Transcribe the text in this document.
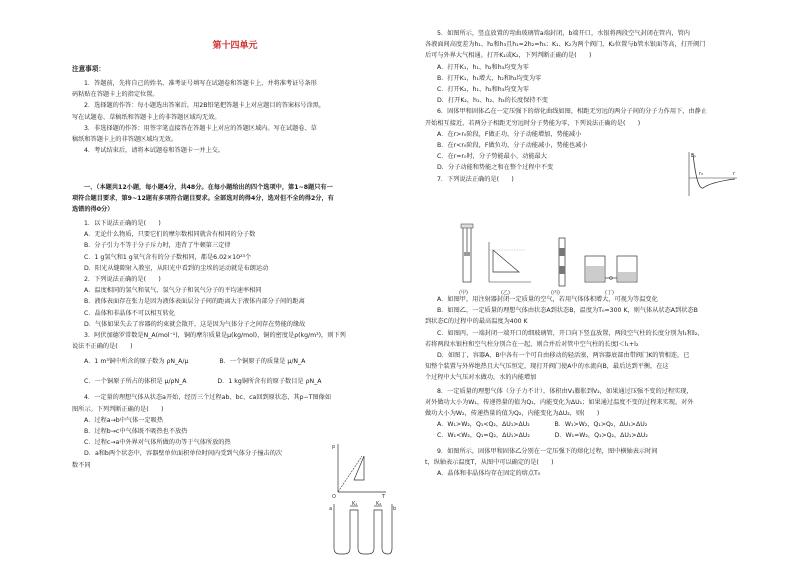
第十四单元
注意事项：

1．答题前，先将自己的姓名、准考证号填写在试题卷和答题卡上，并将准考证号条形

码粘贴在答题卡上的指定位置。

2．选择题的作答：每小题选出答案后，用2B铅笔把答题卡上对应题目的答案标号涂黑，

写在试题卷、草稿纸和答题卡上的非答题区域均无效。

3．非选择题的作答：用签字笔直接答在答题卡上对应的答题区域内。写在试题卷、草

稿纸和答题卡上的非答题区域均无效。

4．考试结束后，请将本试题卷和答题卡一并上交。

一、（本题共12小题，每小题4分，共48分。在每小题给出的四个选项中，第1~8题只有一

项符合题目要求，第9~12题有多项符合题目要求。全部选对的得4分，选对但不全的得2分，有

选错的得0分）

1．以下说法正确的是(　　)

A．无论什么物质，只要它们的摩尔数相同就含有相同的分子数

B．分子引力不等于分子斥力时，违背了牛顿第三定律

C．1 g氢气和1 g氧气含有的分子数相同，都是6.02×10²³个

D．阳光从缝隙射入教室，从阳光中看到的尘埃的运动就是布朗运动

2．下列说法正确的是(　　)

A．温度相同的氢气和氧气，氢气分子和氧气分子的平均速率相同

B．液体表面存在张力是因为液体表面层分子间的距离大于液体内部分子间的距离

C．晶体和非晶体不可以相互转化

D．气体如果失去了容器的约束就会散开，这是因为气体分子之间存在势能的缘故

3．阿伏加德罗常数是N_A(mol⁻¹)，铜的摩尔质量是μ(kg/mol)，铜的密度是ρ(kg/m³)，则下列

说法不正确的是(　　)

A．1 m³铜中所含的原子数为 ρN_A/μ　　　　　B．一个铜原子的质量是 μ/N_A

C．一个铜原子所占的体积是 μ/ρN_A　　　　　D．1 kg铜所含有的原子数目是 ρN_A

4．一定量的理想气体从状态a开始，经历三个过程ab、bc、ca回到原状态，其p−T图像如

图所示。下列判断正确的是(　　)

A．过程a→b中气体一定吸热

B．过程b→c中气体既不吸热也不放热

C．过程c→a中外界对气体所做的功等于气体所放的热

D．a和b两个状态中，容器壁单位面积单位时间内受到气体分子撞击的次

数不同

p
T
O
K₁	K₂
a	b

5．如图所示，竖直放置的弯曲玻璃管a端封闭，b端开口，水银将两段空气封闭在管内，管内

各液面间高度差为h₁、h₂和h₃且h₁=2h₂=h₃；K₁、K₂为两个阀门，K₂位置与b管水银面等高，打开阀门

后可与外界大气相通。打开K₁或K₂，下列判断正确的是(　　)

A．打开K₁，h₁、h₂和h₃均变为零

B．打开K₁，h₁增大，h₂和h₃均变为零

C．打开K₂，h₁、h₂和h₃均变为零

D．打开K₂，h₁、h₂、h₃的长度保持不变

6．固体甲和固体乙在一定压强下的熔化曲线如图，相距无穷远的两分子间的分子力作用下，由静止

开始相互接近，若两分子相距无穷远时分子势能为零，下列说法正确的是(　　)

A．在r>r₀阶段，F做正功，分子动能增加，势能减小

B．在r<r₀阶段，F做负功，分子动能减小，势能也减小

C．在r=r₀时，分子势能最小，动能最大

D．分子动能和势能之和在整个过程中不变

7．下列说法正确的是(　　)

Eₚ
r
r₀
(甲)	(乙)	(丙)	(丁)

A．如图甲，用注射器封闭一定质量的空气，若用气体体积增大，可视为等温变化

B．如图乙，一定质量的理想气体由状态A到状态B，温度为T₀=300 K，则气体从状态A到状态B

到状态C的过程中的最高温度为400 K

C．如图丙，一端封闭一端开口的细玻璃管，开口向下竖直放置，两段空气柱的长度分别为l₁和l₂，

若将两段水银柱和空气柱分别合在一起，则合并后对管中空气柱的长度l＜l₁+l₂

D．如图丁，容器A、B中各有一个可自由移动的轻活塞，两容器底部由带阀门K的管相连，已

知整个装置与外界绝热且大气压恒定，现打开阀门使A中的水流向B，最后达到平衡，在这

个过程中大气压对水做功，水的内能增加

8．一定质量的理想气体（分子力不计），体积由V₁膨胀到V₂，如果通过压强不变的过程实现，

对外做功大小为W₁，传递热量的值为Q₁，内能变化为ΔU₁；如果通过温度不变的过程来实现，对外

做功大小为W₂，传递热量的值为Q₂，内能变化为ΔU₂，则(　　)

A．W₁>W₂，Q₁<Q₂，ΔU₁>ΔU₂　　　　B．W₁>W₂，Q₁>Q₂，ΔU₁>ΔU₂

C．W₁<W₂，Q₁=Q₂，ΔU₁>ΔU₂　　　　D．W₁=W₂，Q₁>Q₂，ΔU₁>ΔU₂

9．如图所示，固体甲和固体乙分别在一定压强下的熔化过程，图中横轴表示时间

t，纵轴表示温度T，从图中可以确定的是(　　)

A．晶体和非晶体均存在固定的熔点T₀
